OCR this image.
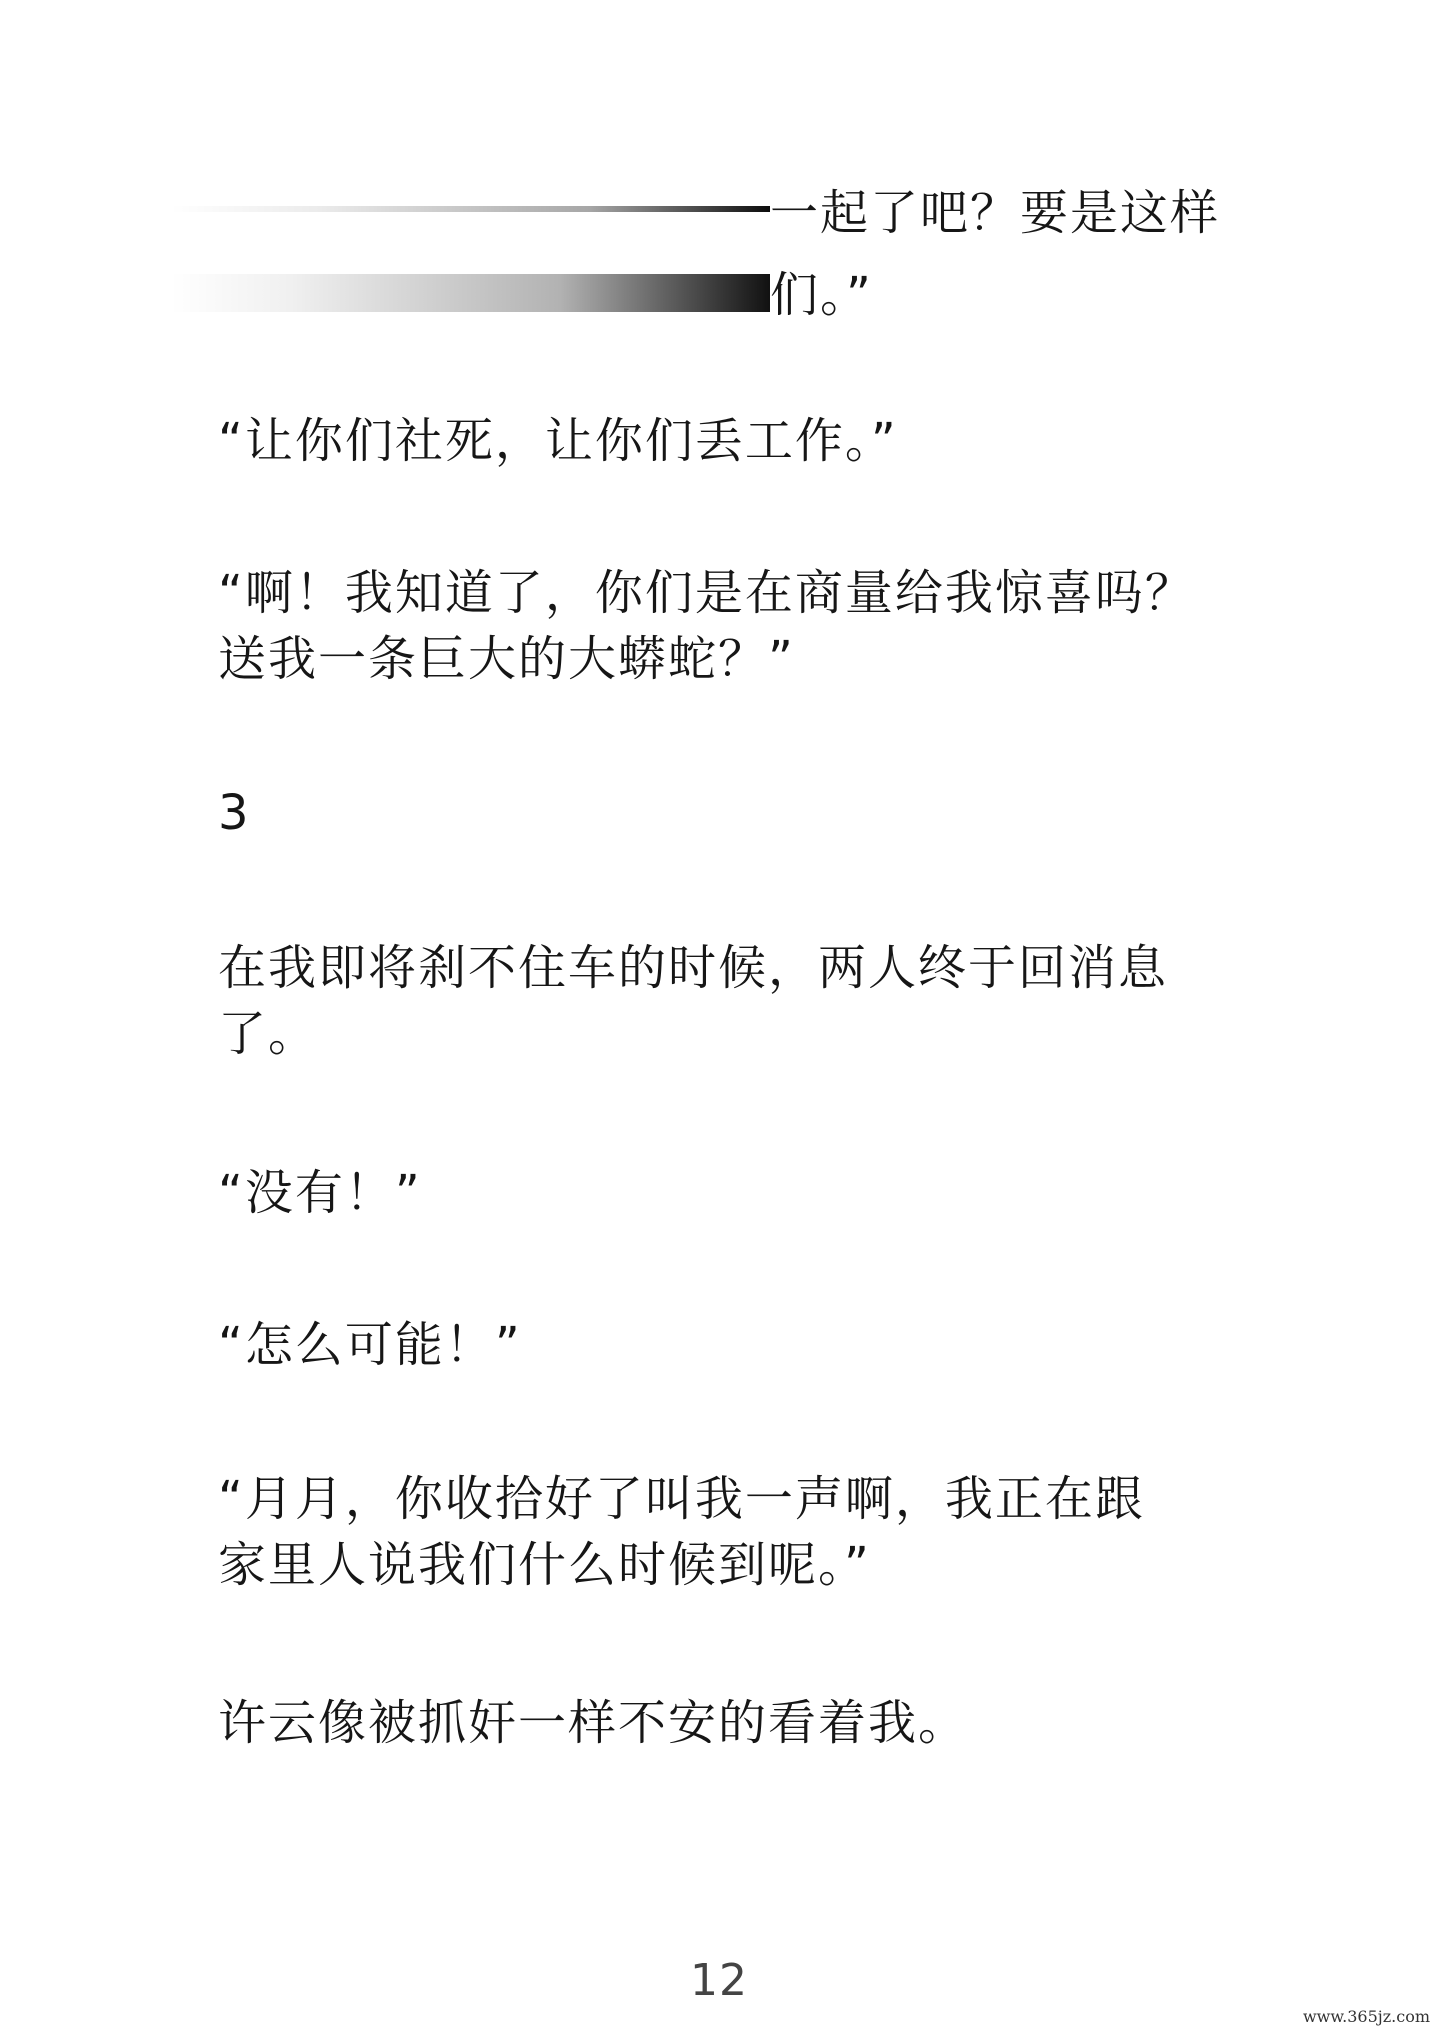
一起了吧？要是这样
们。”

“让你们社死，让你们丢工作。”

“啊！我知道了，你们是在商量给我惊喜吗？
送我一条巨大的大蟒蛇？”

3

在我即将刹不住车的时候，两人终于回消息
了。

“没有！”

“怎么可能！”

“月月，你收拾好了叫我一声啊，我正在跟
家里人说我们什么时候到呢。”

许云像被抓奸一样不安的看着我。

12
www.365jz.com
